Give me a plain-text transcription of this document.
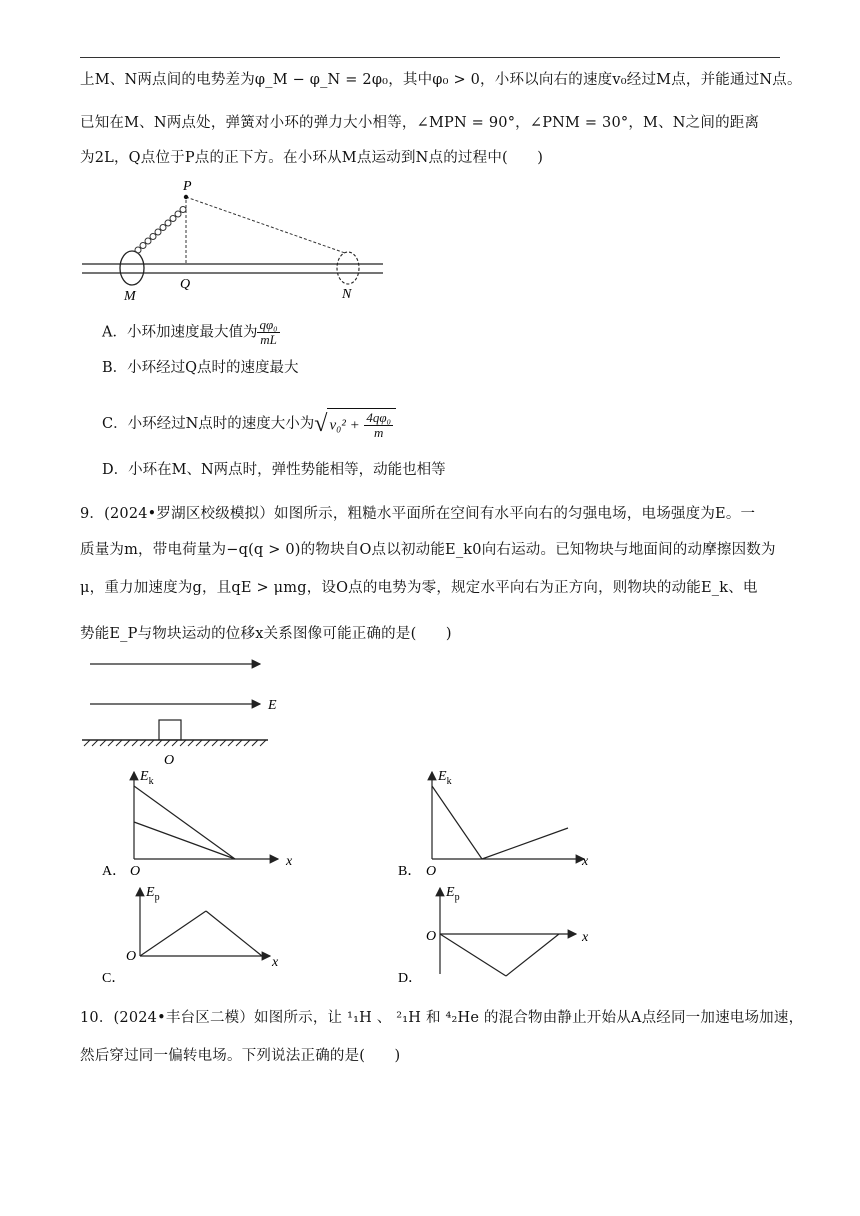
上M、N两点间的电势差为φ_M − φ_N = 2φ₀，其中φ₀ > 0，小环以向右的速度v₀经过M点，并能通过N点。
已知在M、N两点处，弹簧对小环的弹力大小相等，∠MPN = 90°，∠PNM = 30°，M、N之间的距离
为2L，Q点位于P点的正下方。在小环从M点运动到N点的过程中(　　)
P
M
Q
N
A．小环加速度最大值为 $\frac{\text{qφ₀}}{mL}$
B．小环经过Q点时的速度最大
C．小环经过N点时的速度大小为√ $v_0^2 + \frac{\text{4qφ₀}}{m}$
D．小环在M、N两点时，弹性势能相等，动能也相等
9．(2024•罗湖区校级模拟）如图所示，粗糙水平面所在空间有水平向右的匀强电场，电场强度为E。一
质量为m，带电荷量为−q(q > 0)的物块自O点以初动能E_k0向右运动。已知物块与地面间的动摩擦因数为
μ，重力加速度为g，且qE > μmg，设O点的电势为零，规定水平向右为正方向，则物块的动能E_k、电
势能E_P与物块运动的位移x关系图像可能正确的是(　　)
E
O
$E_k$
x
O
A．
$E_k$
x
O
B．
$E_p$
x
O
C．
$E_p$
x
O
D．
10．(2024•丰台区二模）如图所示，让 ¹₁H 、 ²₁H 和 ⁴₂He 的混合物由静止开始从A点经同一加速电场加速，
然后穿过同一偏转电场。下列说法正确的是(　　)
